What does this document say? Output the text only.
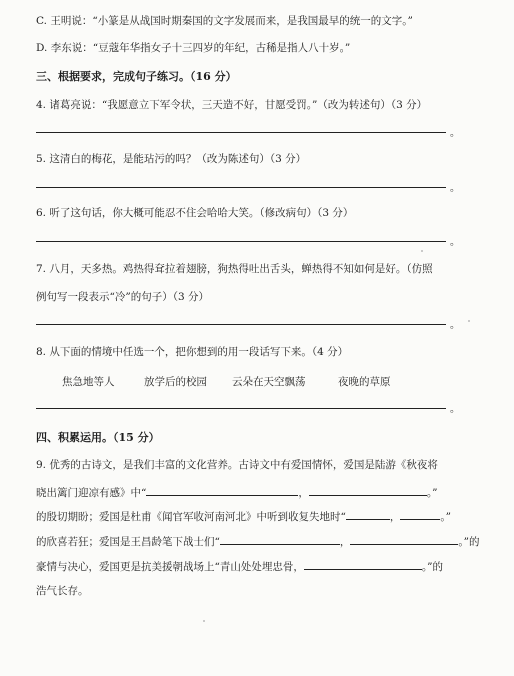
C. 王明说：“小篆是从战国时期秦国的文字发展而来，是我国最早的统一的文字。”
D. 李东说：“豆蔻年华指女子十三四岁的年纪，古稀是指人八十岁。”
三、根据要求，完成句子练习。（16 分）
4. 诸葛亮说：“我愿意立下军令状，三天造不好，甘愿受罚。”（改为转述句）（3 分）
。
5. 这清白的梅花，是能玷污的吗？（改为陈述句）（3 分）
。
6. 听了这句话，你大概可能忍不住会哈哈大笑。（修改病句）（3 分）
。
7. 八月，天多热。鸡热得耷拉着翅膀，狗热得吐出舌头，蝉热得不知如何是好。（仿照
例句写一段表示“冷”的句子）（3 分）
。
8. 从下面的情境中任选一个，把你想到的用一段话写下来。（4 分）
焦急地等人	放学后的校园 云朵在天空飘荡	夜晚的草原
。
四、积累运用。（15 分）
9. 优秀的古诗文，是我们丰富的文化营养。古诗文中有爱国情怀，爱国是陆游《秋夜将
晓出篱门迎凉有感》中“	，	。”
的殷切期盼；爱国是杜甫《闻官军收河南河北》中听到收复失地时“	，	。”
的欣喜若狂；爱国是王昌龄笔下战士们“	，	。”的
豪情与决心，爱国更是抗美援朝战场上“青山处处埋忠骨，	。”的
浩气长存。
